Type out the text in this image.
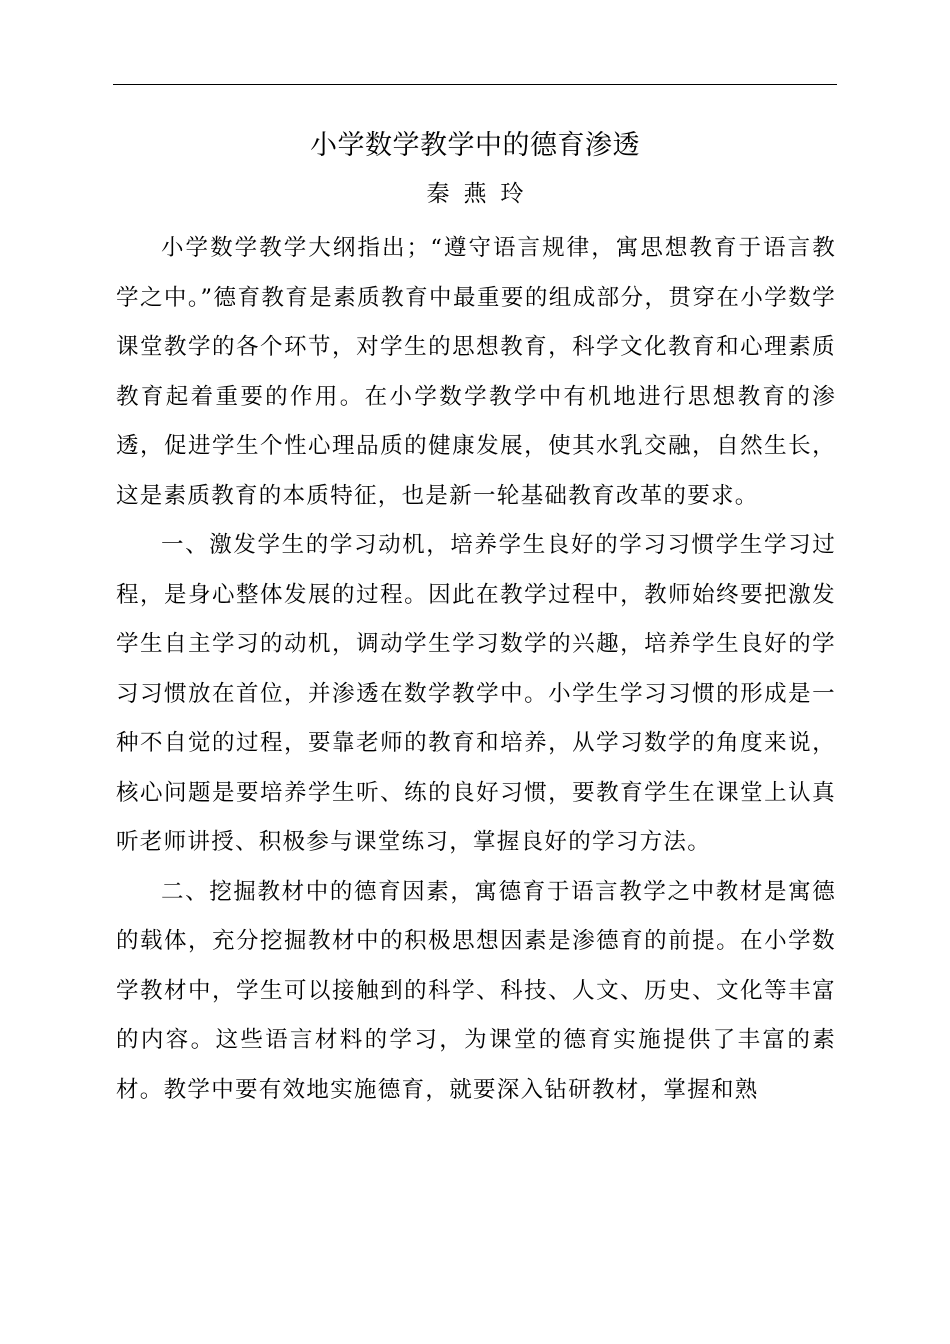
小学数学教学中的德育渗透
秦燕玲

小学数学教学大纲指出；“遵守语言规律，寓思想教育于语言教学之中。”德育教育是素质教育中最重要的组成部分，贯穿在小学数学课堂教学的各个环节，对学生的思想教育，科学文化教育和心理素质教育起着重要的作用。在小学数学教学中有机地进行思想教育的渗透，促进学生个性心理品质的健康发展，使其水乳交融，自然生长，这是素质教育的本质特征，也是新一轮基础教育改革的要求。

一、激发学生的学习动机，培养学生良好的学习习惯学生学习过程，是身心整体发展的过程。因此在教学过程中，教师始终要把激发学生自主学习的动机，调动学生学习数学的兴趣，培养学生良好的学习习惯放在首位，并渗透在数学教学中。小学生学习习惯的形成是一种不自觉的过程，要靠老师的教育和培养，从学习数学的角度来说，核心问题是要培养学生听、练的良好习惯，要教育学生在课堂上认真听老师讲授、积极参与课堂练习，掌握良好的学习方法。

二、挖掘教材中的德育因素，寓德育于语言教学之中教材是寓德的载体，充分挖掘教材中的积极思想因素是渗德育的前提。在小学数学教材中，学生可以接触到的科学、科技、人文、历史、文化等丰富的内容。这些语言材料的学习，为课堂的德育实施提供了丰富的素材。教学中要有效地实施德育，就要深入钻研教材，掌握和熟
